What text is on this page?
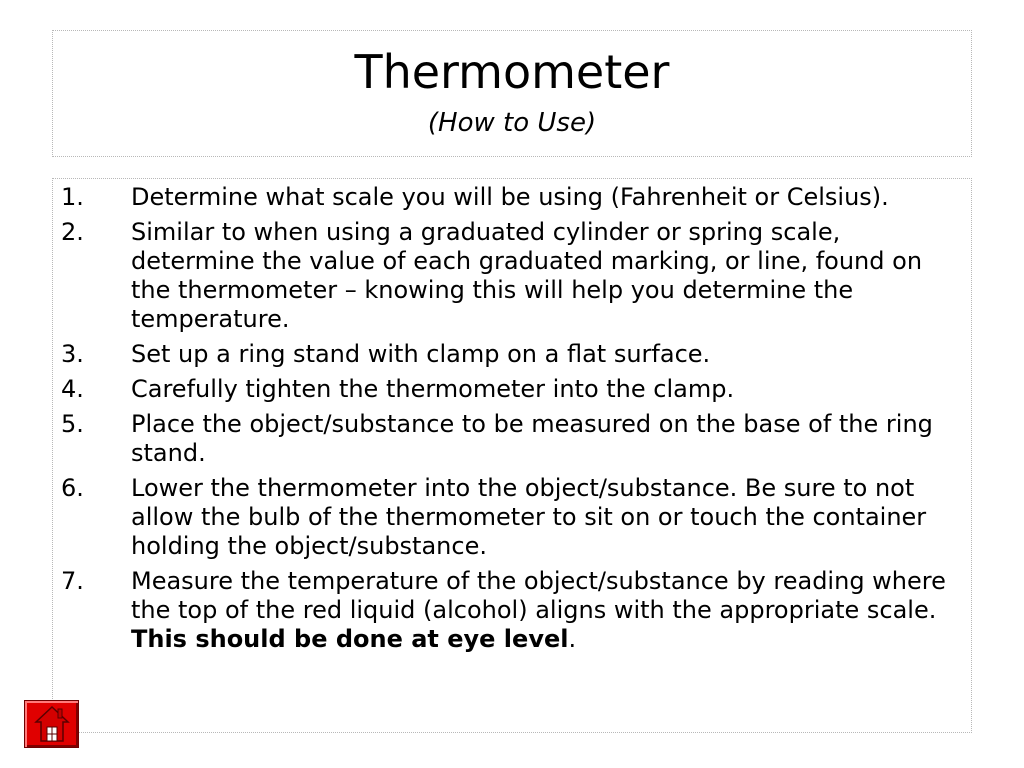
Thermometer
(How to Use)
1.	Determine what scale you will be using (Fahrenheit or Celsius).
2.	Similar to when using a graduated cylinder or spring scale, determine the value of each graduated marking, or line, found on the thermometer – knowing this will help you determine the temperature.
3.	Set up a ring stand with clamp on a flat surface.
4.	Carefully tighten the thermometer into the clamp.
5.	Place the object/substance to be measured on the base of the ring stand.
6.	Lower the thermometer into the object/substance. Be sure to not allow the bulb of the thermometer to sit on or touch the container holding the object/substance.
7.	Measure the temperature of the object/substance by reading where the top of the red liquid (alcohol) aligns with the appropriate scale. This should be done at eye level.
